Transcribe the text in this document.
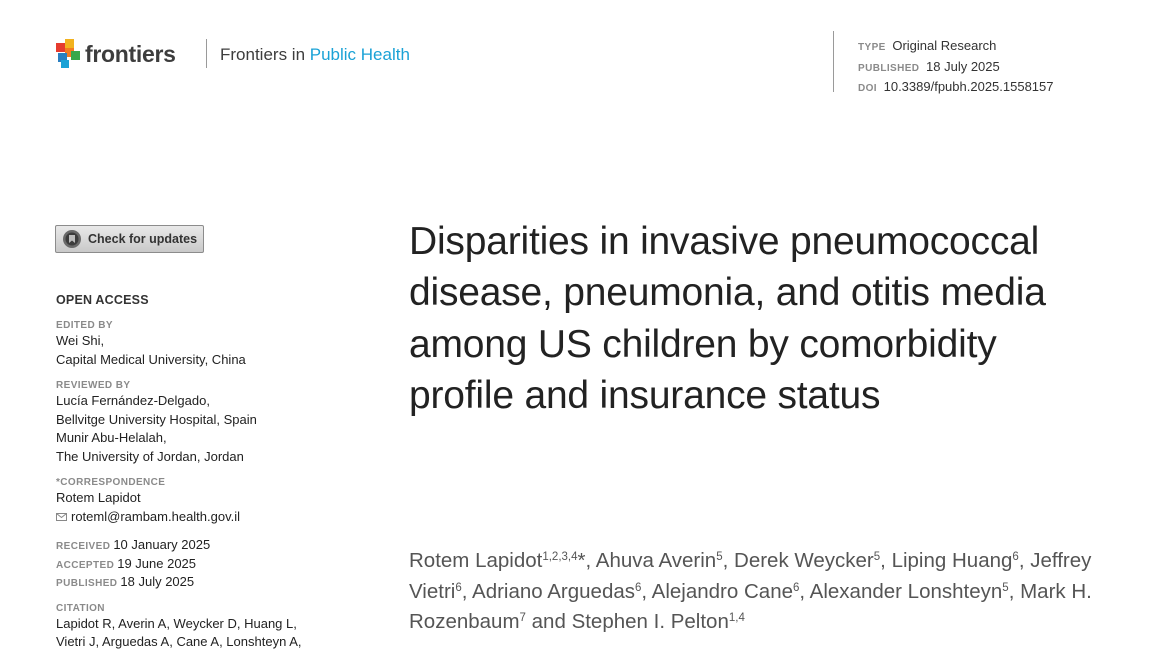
frontiers	Frontiers in Public Health	TYPE Original Research
PUBLISHED 18 July 2025
DOI 10.3389/fpubh.2025.1558157
Check for updates
OPEN ACCESS
EDITED BY
Wei Shi,
Capital Medical University, China
REVIEWED BY
Lucía Fernández-Delgado,
Bellvitge University Hospital, Spain
Munir Abu-Helalah,
The University of Jordan, Jordan
*CORRESPONDENCE
Rotem Lapidot
roteml@rambam.health.gov.il
RECEIVED 10 January 2025
ACCEPTED 19 June 2025
PUBLISHED 18 July 2025
CITATION
Lapidot R, Averin A, Weycker D, Huang L,
Vietri J, Arguedas A, Cane A, Lonshteyn A,
Disparities in invasive pneumococcal disease, pneumonia, and otitis media among US children by comorbidity profile and insurance status
Rotem Lapidot$^{1,2,3,4}$*, Ahuva Averin$^5$, Derek Weycker$^5$, Liping Huang$^6$, Jeffrey Vietri$^6$, Adriano Arguedas$^6$, Alejandro Cane$^6$, Alexander Lonshteyn$^5$, Mark H. Rozenbaum$^7$ and Stephen I. Pelton$^{1,4}$
